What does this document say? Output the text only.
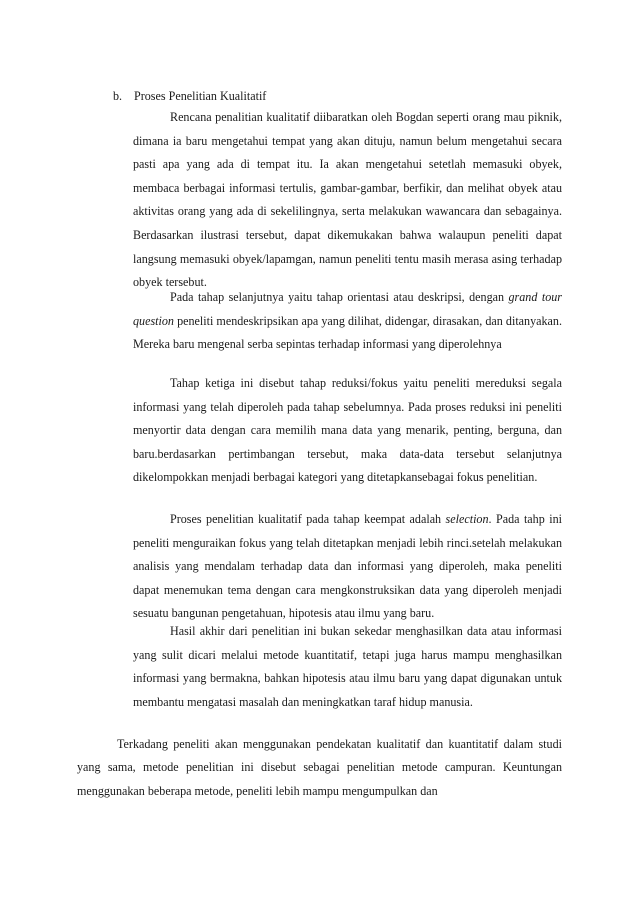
b. Proses Penelitian Kualitatif

Rencana penalitian kualitatif diibaratkan oleh Bogdan seperti orang mau piknik, dimana ia baru mengetahui tempat yang akan dituju, namun belum mengetahui secara pasti apa yang ada di tempat itu. Ia akan mengetahui setetlah memasuki obyek, membaca berbagai informasi tertulis, gambar-gambar, berfikir, dan melihat obyek atau aktivitas orang yang ada di sekelilingnya, serta melakukan wawancara dan sebagainya. Berdasarkan ilustrasi tersebut, dapat dikemukakan bahwa walaupun peneliti dapat langsung memasuki obyek/lapamgan, namun peneliti tentu masih merasa asing terhadap obyek tersebut.

Pada tahap selanjutnya yaitu tahap orientasi atau deskripsi, dengan grand tour question peneliti mendeskripsikan apa yang dilihat, didengar, dirasakan, dan ditanyakan. Mereka baru mengenal serba sepintas terhadap informasi yang diperolehnya

Tahap ketiga ini disebut tahap reduksi/fokus yaitu peneliti mereduksi segala informasi yang telah diperoleh pada tahap sebelumnya. Pada proses reduksi ini peneliti menyortir data dengan cara memilih mana data yang menarik, penting, berguna, dan baru.berdasarkan pertimbangan tersebut, maka data-data tersebut selanjutnya dikelompokkan menjadi berbagai kategori yang ditetapkansebagai fokus penelitian.

Proses penelitian kualitatif pada tahap keempat adalah selection. Pada tahp ini peneliti menguraikan fokus yang telah ditetapkan menjadi lebih rinci.setelah melakukan analisis yang mendalam terhadap data dan informasi yang diperoleh, maka peneliti dapat menemukan tema dengan cara mengkonstruksikan data yang diperoleh menjadi sesuatu bangunan pengetahuan, hipotesis atau ilmu yang baru.

Hasil akhir dari penelitian ini bukan sekedar menghasilkan data atau informasi yang sulit dicari melalui metode kuantitatif, tetapi juga harus mampu menghasilkan informasi yang bermakna, bahkan hipotesis atau ilmu baru yang dapat digunakan untuk membantu mengatasi masalah dan meningkatkan taraf hidup manusia.

Terkadang peneliti akan menggunakan pendekatan kualitatif dan kuantitatif dalam studi yang sama, metode penelitian ini disebut sebagai penelitian metode campuran. Keuntungan menggunakan beberapa metode, peneliti lebih mampu mengumpulkan dan
